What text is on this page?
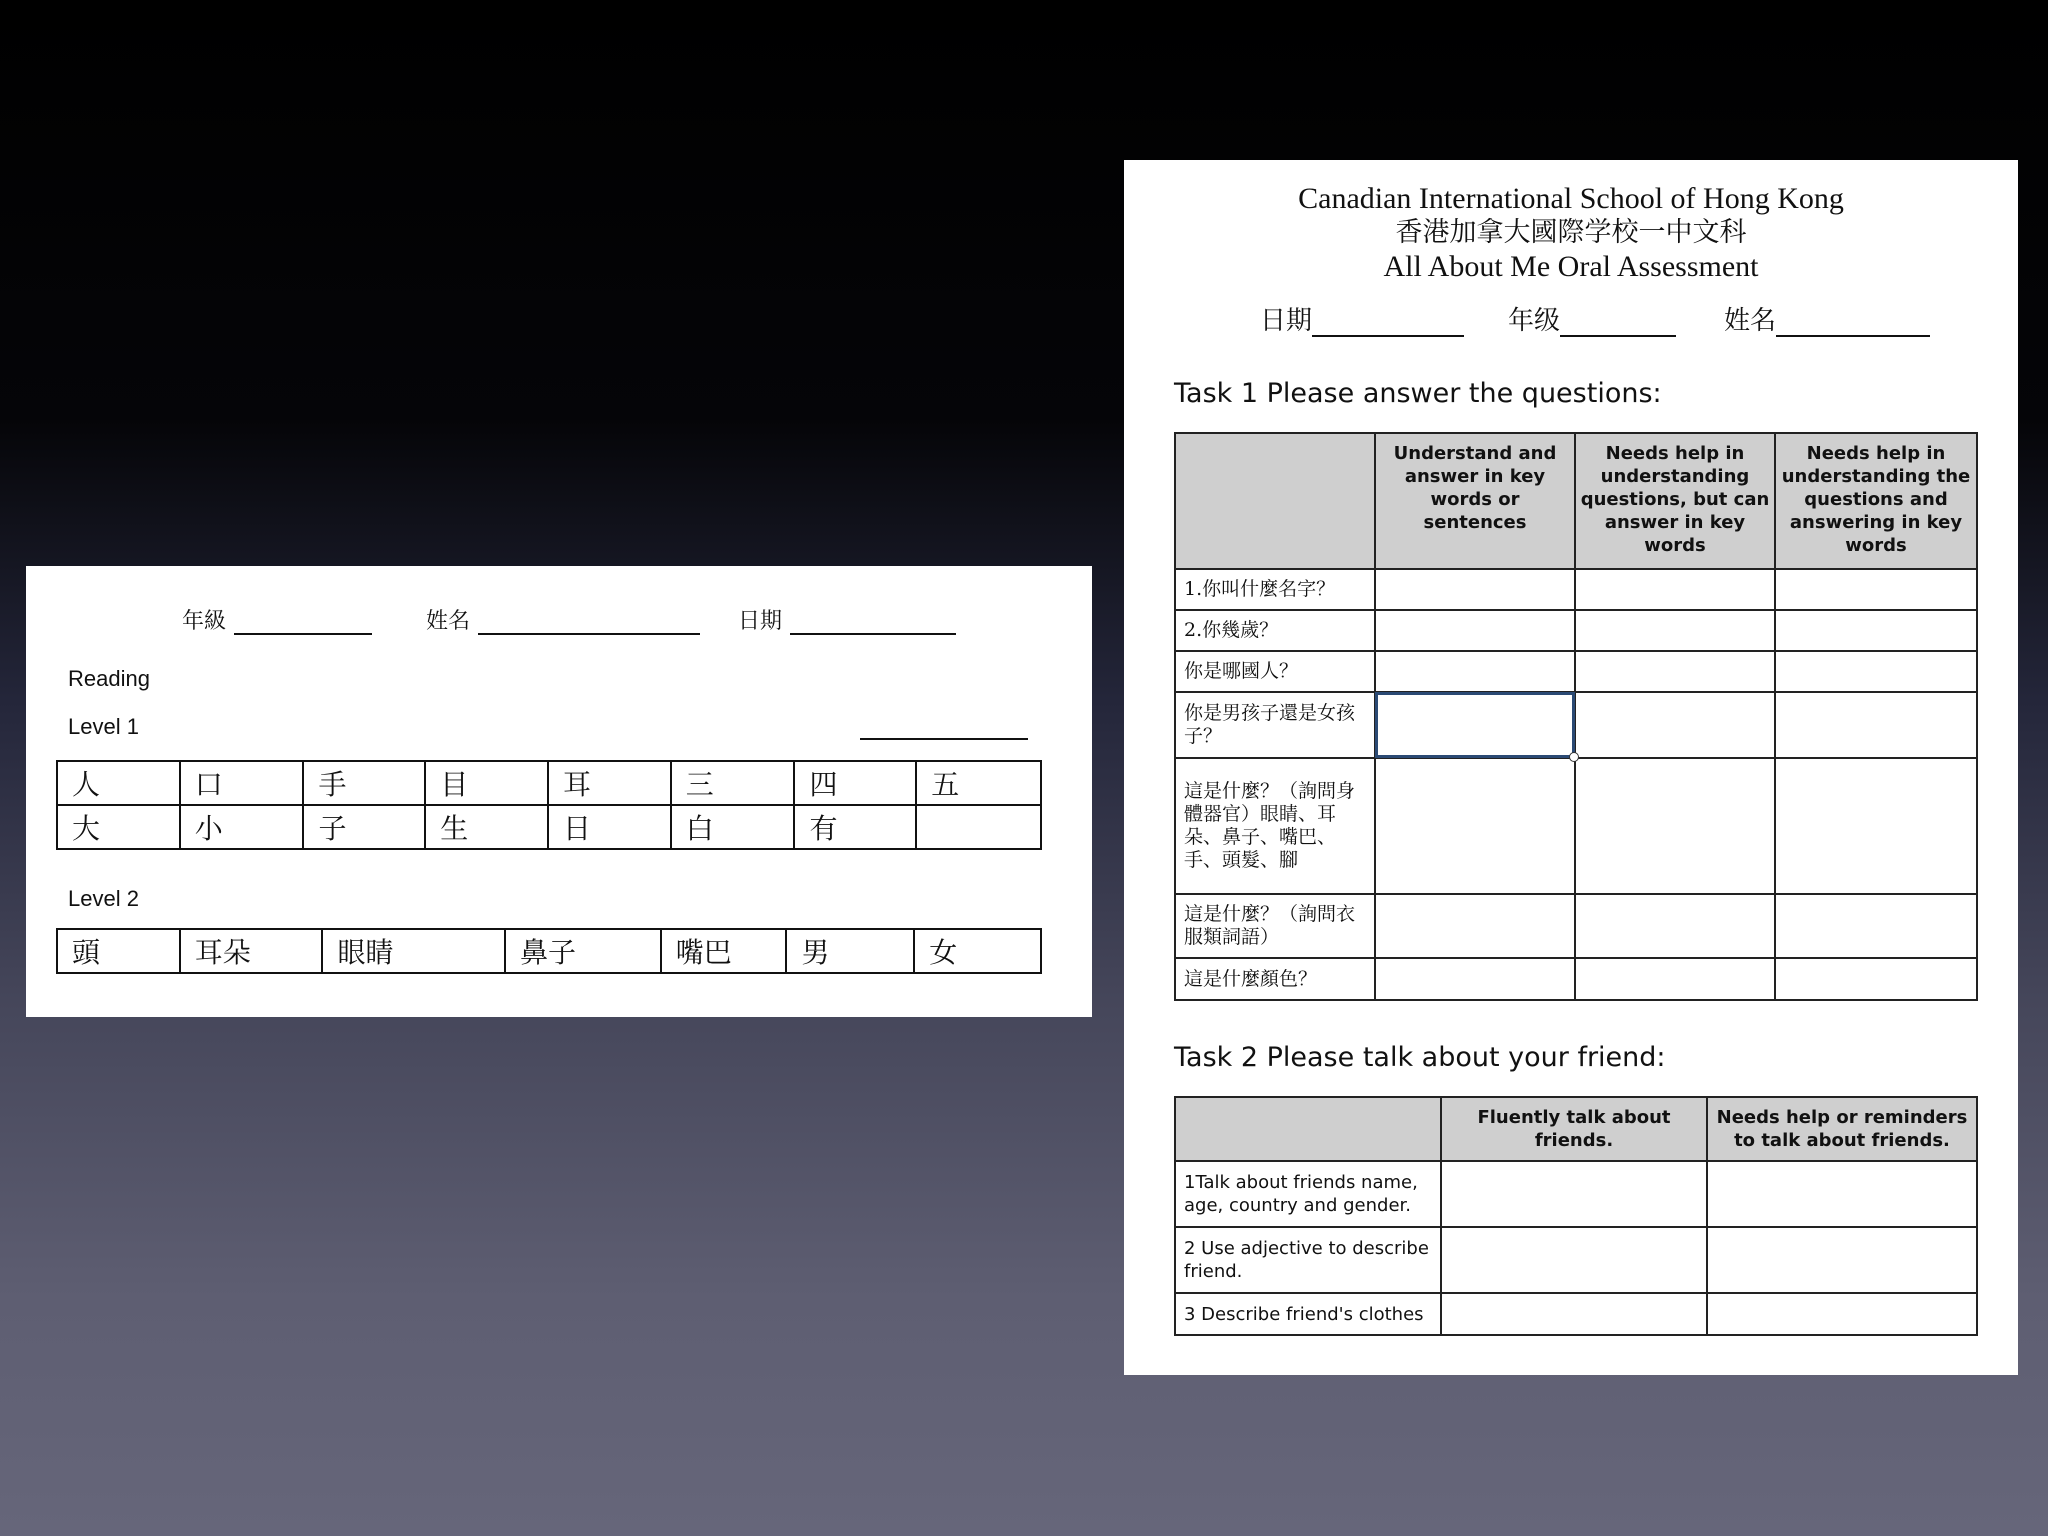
年級	姓名	日期
Reading
Level 1
人	口	手	目	耳	三	四	五
大	小	子	生	日	白	有	
Level 2
頭	耳朵	眼睛	鼻子	嘴巴	男	女
Canadian International School of Hong Kong
香港加拿大國際学校一中文科
All About Me Oral Assessment
日期	年级	姓名
Task 1 Please answer the questions:
	Understand and answer in key words or sentences	Needs help in understanding questions, but can answer in key words	Needs help in understanding the questions and answering in key words
1.你叫什麼名字？			
2.你幾歲？			
你是哪國人？			
你是男孩子還是女孩子？			
這是什麼？（詢問身體器官）眼睛、耳朵、鼻子、嘴巴、手、頭髮、腳			
這是什麼？（詢問衣服類詞語）			
這是什麼顏色？			
Task 2 Please talk about your friend:
	Fluently talk about friends.	Needs help or reminders to talk about friends.
1Talk about friends name, age, country and gender.		
2 Use adjective to describe friend.		
3 Describe friend's clothes		
